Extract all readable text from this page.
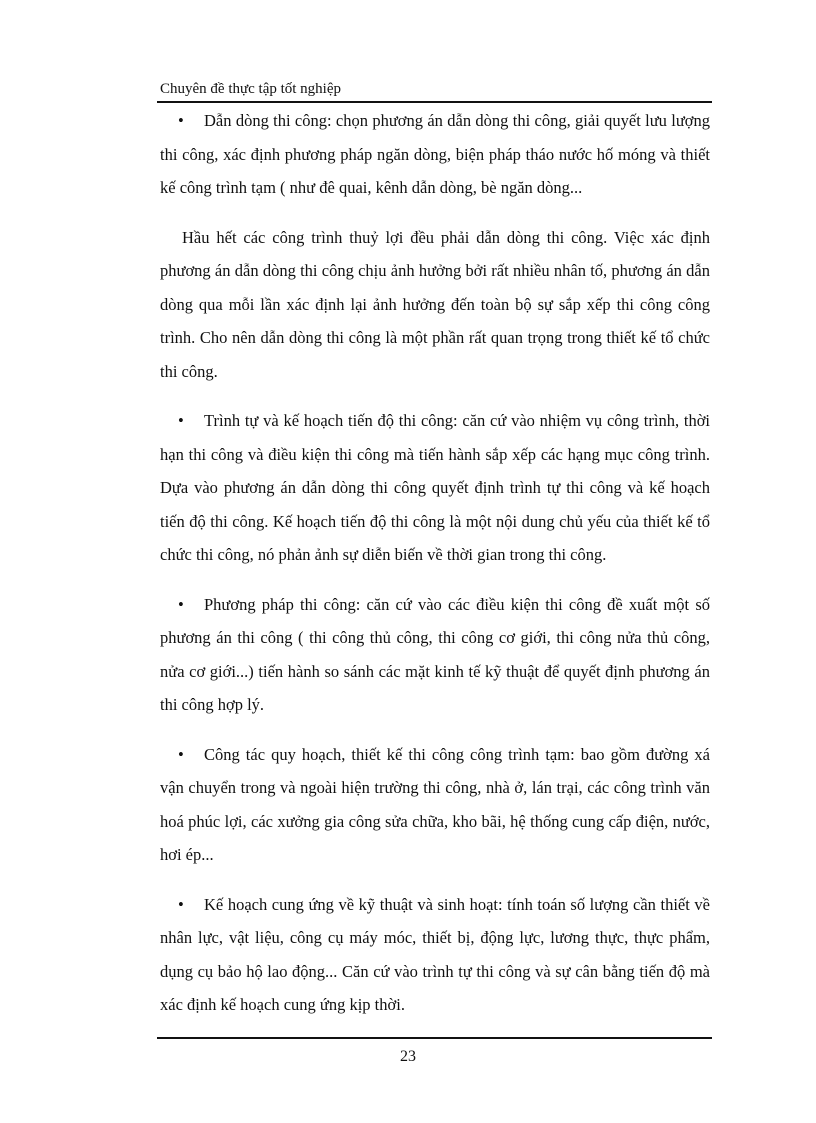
Chuyên đề thực tập tốt nghiệp

• Dẫn dòng thi công: chọn phương án dẫn dòng thi công, giải quyết lưu lượng thi công, xác định phương pháp ngăn dòng, biện pháp tháo nước hố móng và thiết kế công trình tạm ( như đê quai, kênh dẫn dòng, bè ngăn dòng...

Hầu hết các công trình thuỷ lợi đều phải dẫn dòng thi công. Việc xác định phương án dẫn dòng thi công chịu ảnh hưởng bởi rất nhiều nhân tố, phương án dẫn dòng qua mỗi lần xác định lại ảnh hưởng đến toàn bộ sự sắp xếp thi công công trình. Cho nên dẫn dòng thi công là một phần rất quan trọng trong thiết kế tổ chức thi công.

• Trình tự và kế hoạch tiến độ thi công: căn cứ vào nhiệm vụ công trình, thời hạn thi công và điều kiện thi công mà tiến hành sắp xếp các hạng mục công trình. Dựa vào phương án dẫn dòng thi công quyết định trình tự thi công và kế hoạch tiến độ thi công. Kế hoạch tiến độ thi công là một nội dung chủ yếu của thiết kế tổ chức thi công, nó phản ảnh sự diễn biến về thời gian trong thi công.

• Phương pháp thi công: căn cứ vào các điều kiện thi công đề xuất một số phương án thi công ( thi công thủ công, thi công cơ giới, thi công nửa thủ công, nửa cơ giới...) tiến hành so sánh các mặt kinh tế kỹ thuật để quyết định phương án thi công hợp lý.

• Công tác quy hoạch, thiết kế thi công công trình tạm: bao gồm đường xá vận chuyển trong và ngoài hiện trường thi công, nhà ở, lán trại, các công trình văn hoá phúc lợi, các xưởng gia công sửa chữa, kho bãi, hệ thống cung cấp điện, nước, hơi ép...

• Kế hoạch cung ứng về kỹ thuật và sinh hoạt: tính toán số lượng cần thiết về nhân lực, vật liệu, công cụ máy móc, thiết bị, động lực, lương thực, thực phẩm, dụng cụ bảo hộ lao động... Căn cứ vào trình tự thi công và sự cân bằng tiến độ mà xác định kế hoạch cung ứng kịp thời.

23
